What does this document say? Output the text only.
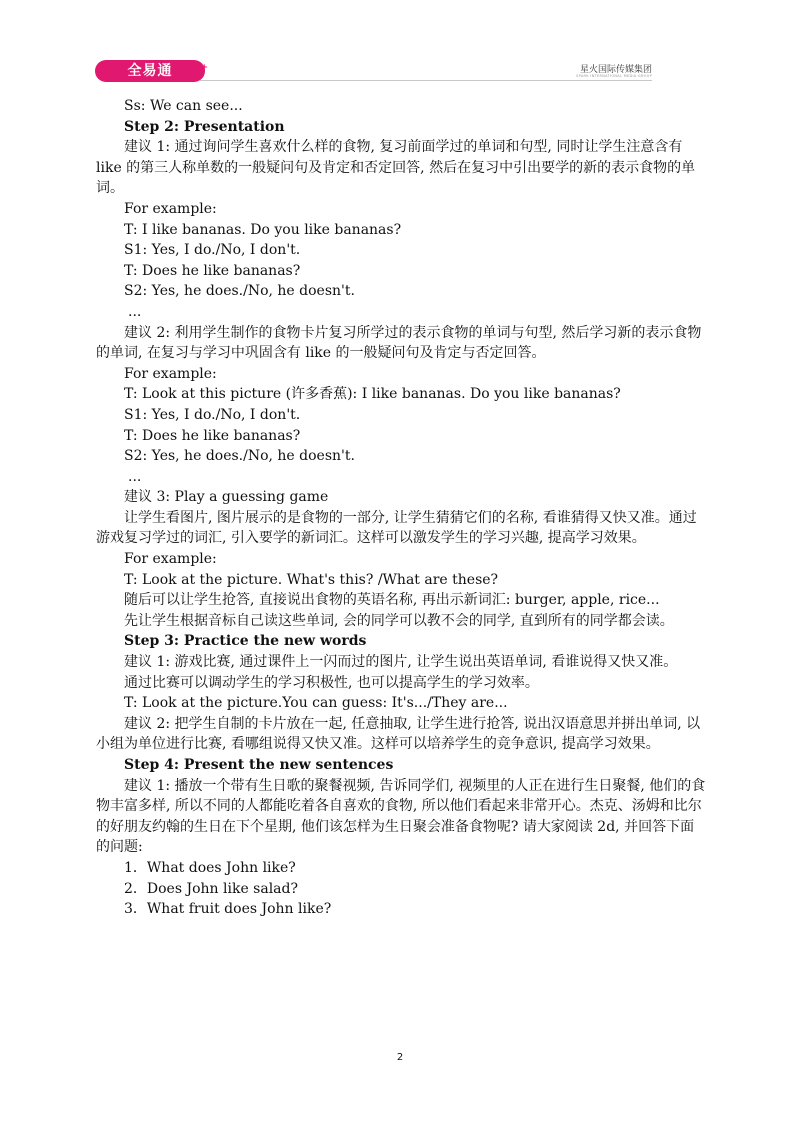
全易通	+	星火国际传媒集团
SPARK INTERNATIONAL MEDIA GROUP

Ss: We can see...

Step 2: Presentation

建议 1: 通过询问学生喜欢什么样的食物, 复习前面学过的单词和句型, 同时让学生注意含有 like 的第三人称单数的一般疑问句及肯定和否定回答, 然后在复习中引出要学的新的表示食物的单词。

For example:

T: I like bananas. Do you like bananas?

S1: Yes, I do./No, I don't.

T: Does he like bananas?

S2: Yes, he does./No, he doesn't.

...

建议 2: 利用学生制作的食物卡片复习所学过的表示食物的单词与句型, 然后学习新的表示食物的单词, 在复习与学习中巩固含有 like 的一般疑问句及肯定与否定回答。

For example:

T: Look at this picture (许多香蕉): I like bananas. Do you like bananas?

S1: Yes, I do./No, I don't.

T: Does he like bananas?

S2: Yes, he does./No, he doesn't.

...

建议 3: Play a guessing game

让学生看图片, 图片展示的是食物的一部分, 让学生猜猜它们的名称, 看谁猜得又快又准。通过游戏复习学过的词汇, 引入要学的新词汇。这样可以激发学生的学习兴趣, 提高学习效果。

For example:

T: Look at the picture. What's this? /What are these?

随后可以让学生抢答, 直接说出食物的英语名称, 再出示新词汇: burger, apple, rice...

先让学生根据音标自己读这些单词, 会的同学可以教不会的同学, 直到所有的同学都会读。

Step 3: Practice the new words

建议 1: 游戏比赛, 通过课件上一闪而过的图片, 让学生说出英语单词, 看谁说得又快又准。

通过比赛可以调动学生的学习积极性, 也可以提高学生的学习效率。

T: Look at the picture.You can guess: It's.../They are...

建议 2: 把学生自制的卡片放在一起, 任意抽取, 让学生进行抢答, 说出汉语意思并拼出单词, 以小组为单位进行比赛, 看哪组说得又快又准。这样可以培养学生的竞争意识, 提高学习效果。

Step 4: Present the new sentences

建议 1: 播放一个带有生日歌的聚餐视频, 告诉同学们, 视频里的人正在进行生日聚餐, 他们的食物丰富多样, 所以不同的人都能吃着各自喜欢的食物, 所以他们看起来非常开心。杰克、汤姆和比尔的好朋友约翰的生日在下个星期, 他们该怎样为生日聚会准备食物呢? 请大家阅读 2d, 并回答下面的问题:

1．What does John like?

2．Does John like salad?

3．What fruit does John like?

2
